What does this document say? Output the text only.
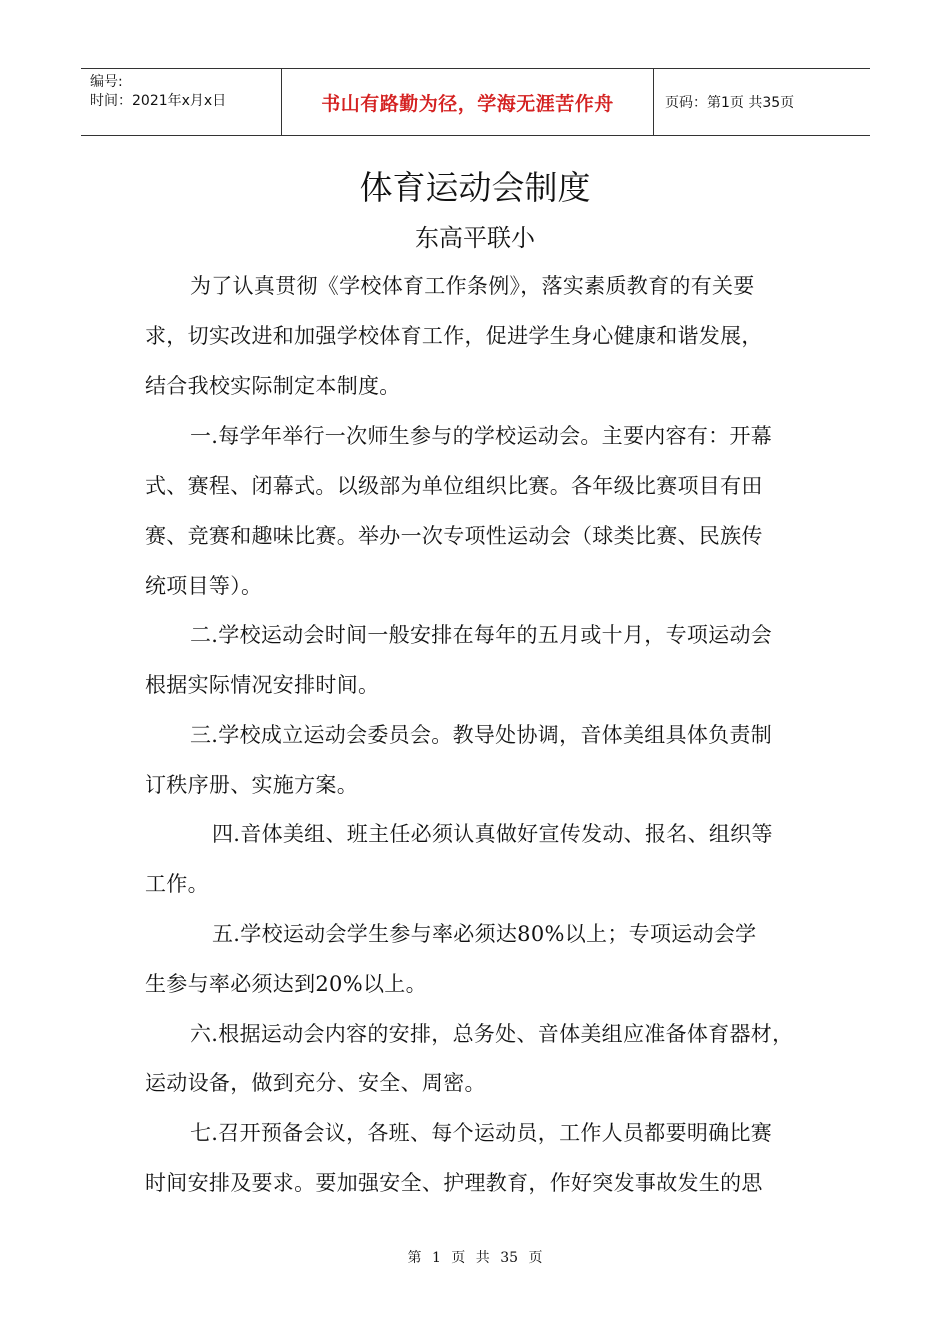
编号:
时间：2021年x月x日	书山有路勤为径，学海无涯苦作舟	页码：第1页 共35页
体育运动会制度
东高平联小
为了认真贯彻《学校体育工作条例》，落实素质教育的有关要
求，切实改进和加强学校体育工作，促进学生身心健康和谐发展，
结合我校实际制定本制度。
一.每学年举行一次师生参与的学校运动会。主要内容有：开幕
式、赛程、闭幕式。以级部为单位组织比赛。各年级比赛项目有田
赛、竞赛和趣味比赛。举办一次专项性运动会（球类比赛、民族传
统项目等）。
二.学校运动会时间一般安排在每年的五月或十月，专项运动会
根据实际情况安排时间。
三.学校成立运动会委员会。教导处协调，音体美组具体负责制
订秩序册、实施方案。
四.音体美组、班主任必须认真做好宣传发动、报名、组织等
工作。
五.学校运动会学生参与率必须达80%以上；专项运动会学
生参与率必须达到20%以上。
六.根据运动会内容的安排，总务处、音体美组应准备体育器材，
运动设备，做到充分、安全、周密。
七.召开预备会议，各班、每个运动员，工作人员都要明确比赛
时间安排及要求。要加强安全、护理教育，作好突发事故发生的思
第 1 页 共 35 页
